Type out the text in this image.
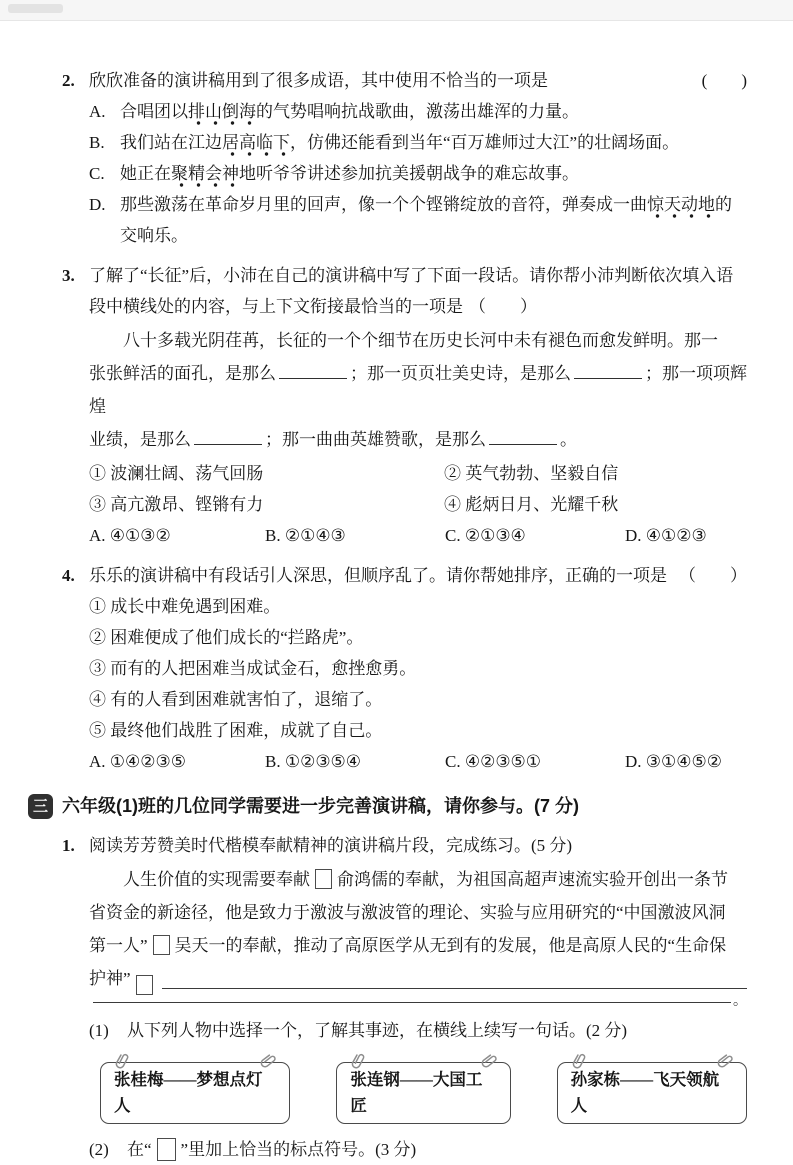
2. 欣欣准备的演讲稿用到了很多成语，其中使用不恰当的一项是	(        )
A. 合唱团以排山倒海的气势唱响抗战歌曲，激荡出雄浑的力量。
B. 我们站在江边居高临下，仿佛还能看到当年“百万雄师过大江”的壮阔场面。
C. 她正在聚精会神地听爷爷讲述参加抗美援朝战争的难忘故事。
D. 那些激荡在革命岁月里的回声，像一个个铿锵绽放的音符，弹奏成一曲惊天动地的交响乐。
3. 了解了“长征”后，小沛在自己的演讲稿中写了下面一段话。请你帮小沛判断依次填入语段中横线处的内容，与上下文衔接最恰当的一项是 （　　）
八十多载光阴荏苒，长征的一个个细节在历史长河中未有褪色而愈发鲜明。那一
张张鲜活的面孔，是那么	；那一页页壮美史诗，是那么	；那一项项辉煌
业绩，是那么	；那一曲曲英雄赞歌，是那么	。
① 波澜壮阔、荡气回肠	② 英气勃勃、坚毅自信
③ 高亢激昂、铿锵有力	④ 彪炳日月、光耀千秋
A. ④①③②	B. ②①④③	C. ②①③④	D. ④①②③
4. 乐乐的演讲稿中有段话引人深思，但顺序乱了。请你帮她排序，正确的一项是 （　　）
① 成长中难免遇到困难。
② 困难便成了他们成长的“拦路虎”。
③ 而有的人把困难当成试金石，愈挫愈勇。
④ 有的人看到困难就害怕了，退缩了。
⑤ 最终他们战胜了困难，成就了自己。
A. ①④②③⑤	B. ①②③⑤④	C. ④②③⑤①	D. ③①④⑤②
三 六年级(1)班的几位同学需要进一步完善演讲稿，请你参与。(7 分)
1. 阅读芳芳赞美时代楷模奉献精神的演讲稿片段，完成练习。(5 分)
人生价值的实现需要奉献 俞鸿儒的奉献，为祖国高超声速流实验开创出一条节
省资金的新途径，他是致力于激波与激波管的理论、实验与应用研究的“中国激波风洞
第一人” 吴天一的奉献，推动了高原医学从无到有的发展，他是高原人民的“生命保
护神”
。
(1)	从下列人物中选择一个，了解其事迹，在横线上续写一句话。(2 分)
张桂梅——梦想点灯人
张连钢——大国工匠
孙家栋——飞天领航人
(2)	在“ ”里加上恰当的标点符号。(3 分)
